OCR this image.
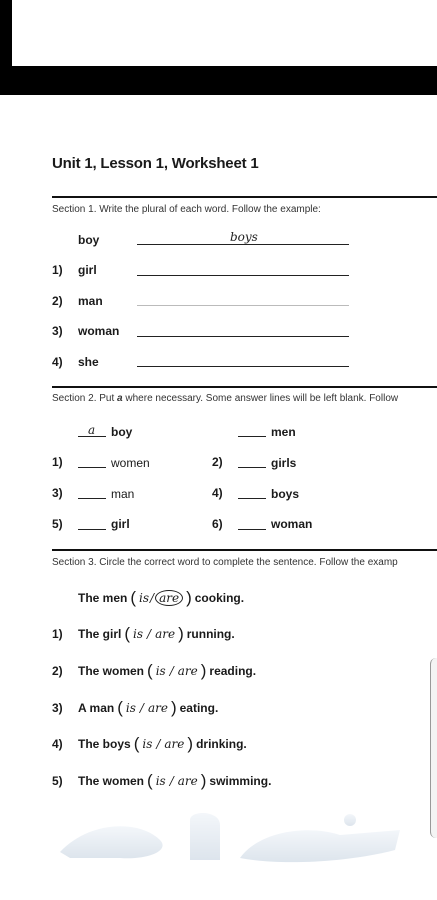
Unit 1, Lesson 1, Worksheet 1
Section 1. Write the plural of each word. Follow the example:
boy	boys
1) girl
2) man
3) woman
4) she
Section 2. Put a where necessary. Some answer lines will be left blank. Follow
a boy	men
1)	women	2)	girls
3)	man	4)	boys
5)	girl	6)	woman
Section 3. Circle the correct word to complete the sentence. Follow the examp
The men ( is / are ) cooking.
1)	The girl ( is / are ) running.
2)	The women ( is / are ) reading.
3)	A man ( is / are ) eating.
4)	The boys ( is / are ) drinking.
5)	The women ( is / are ) swimming.
